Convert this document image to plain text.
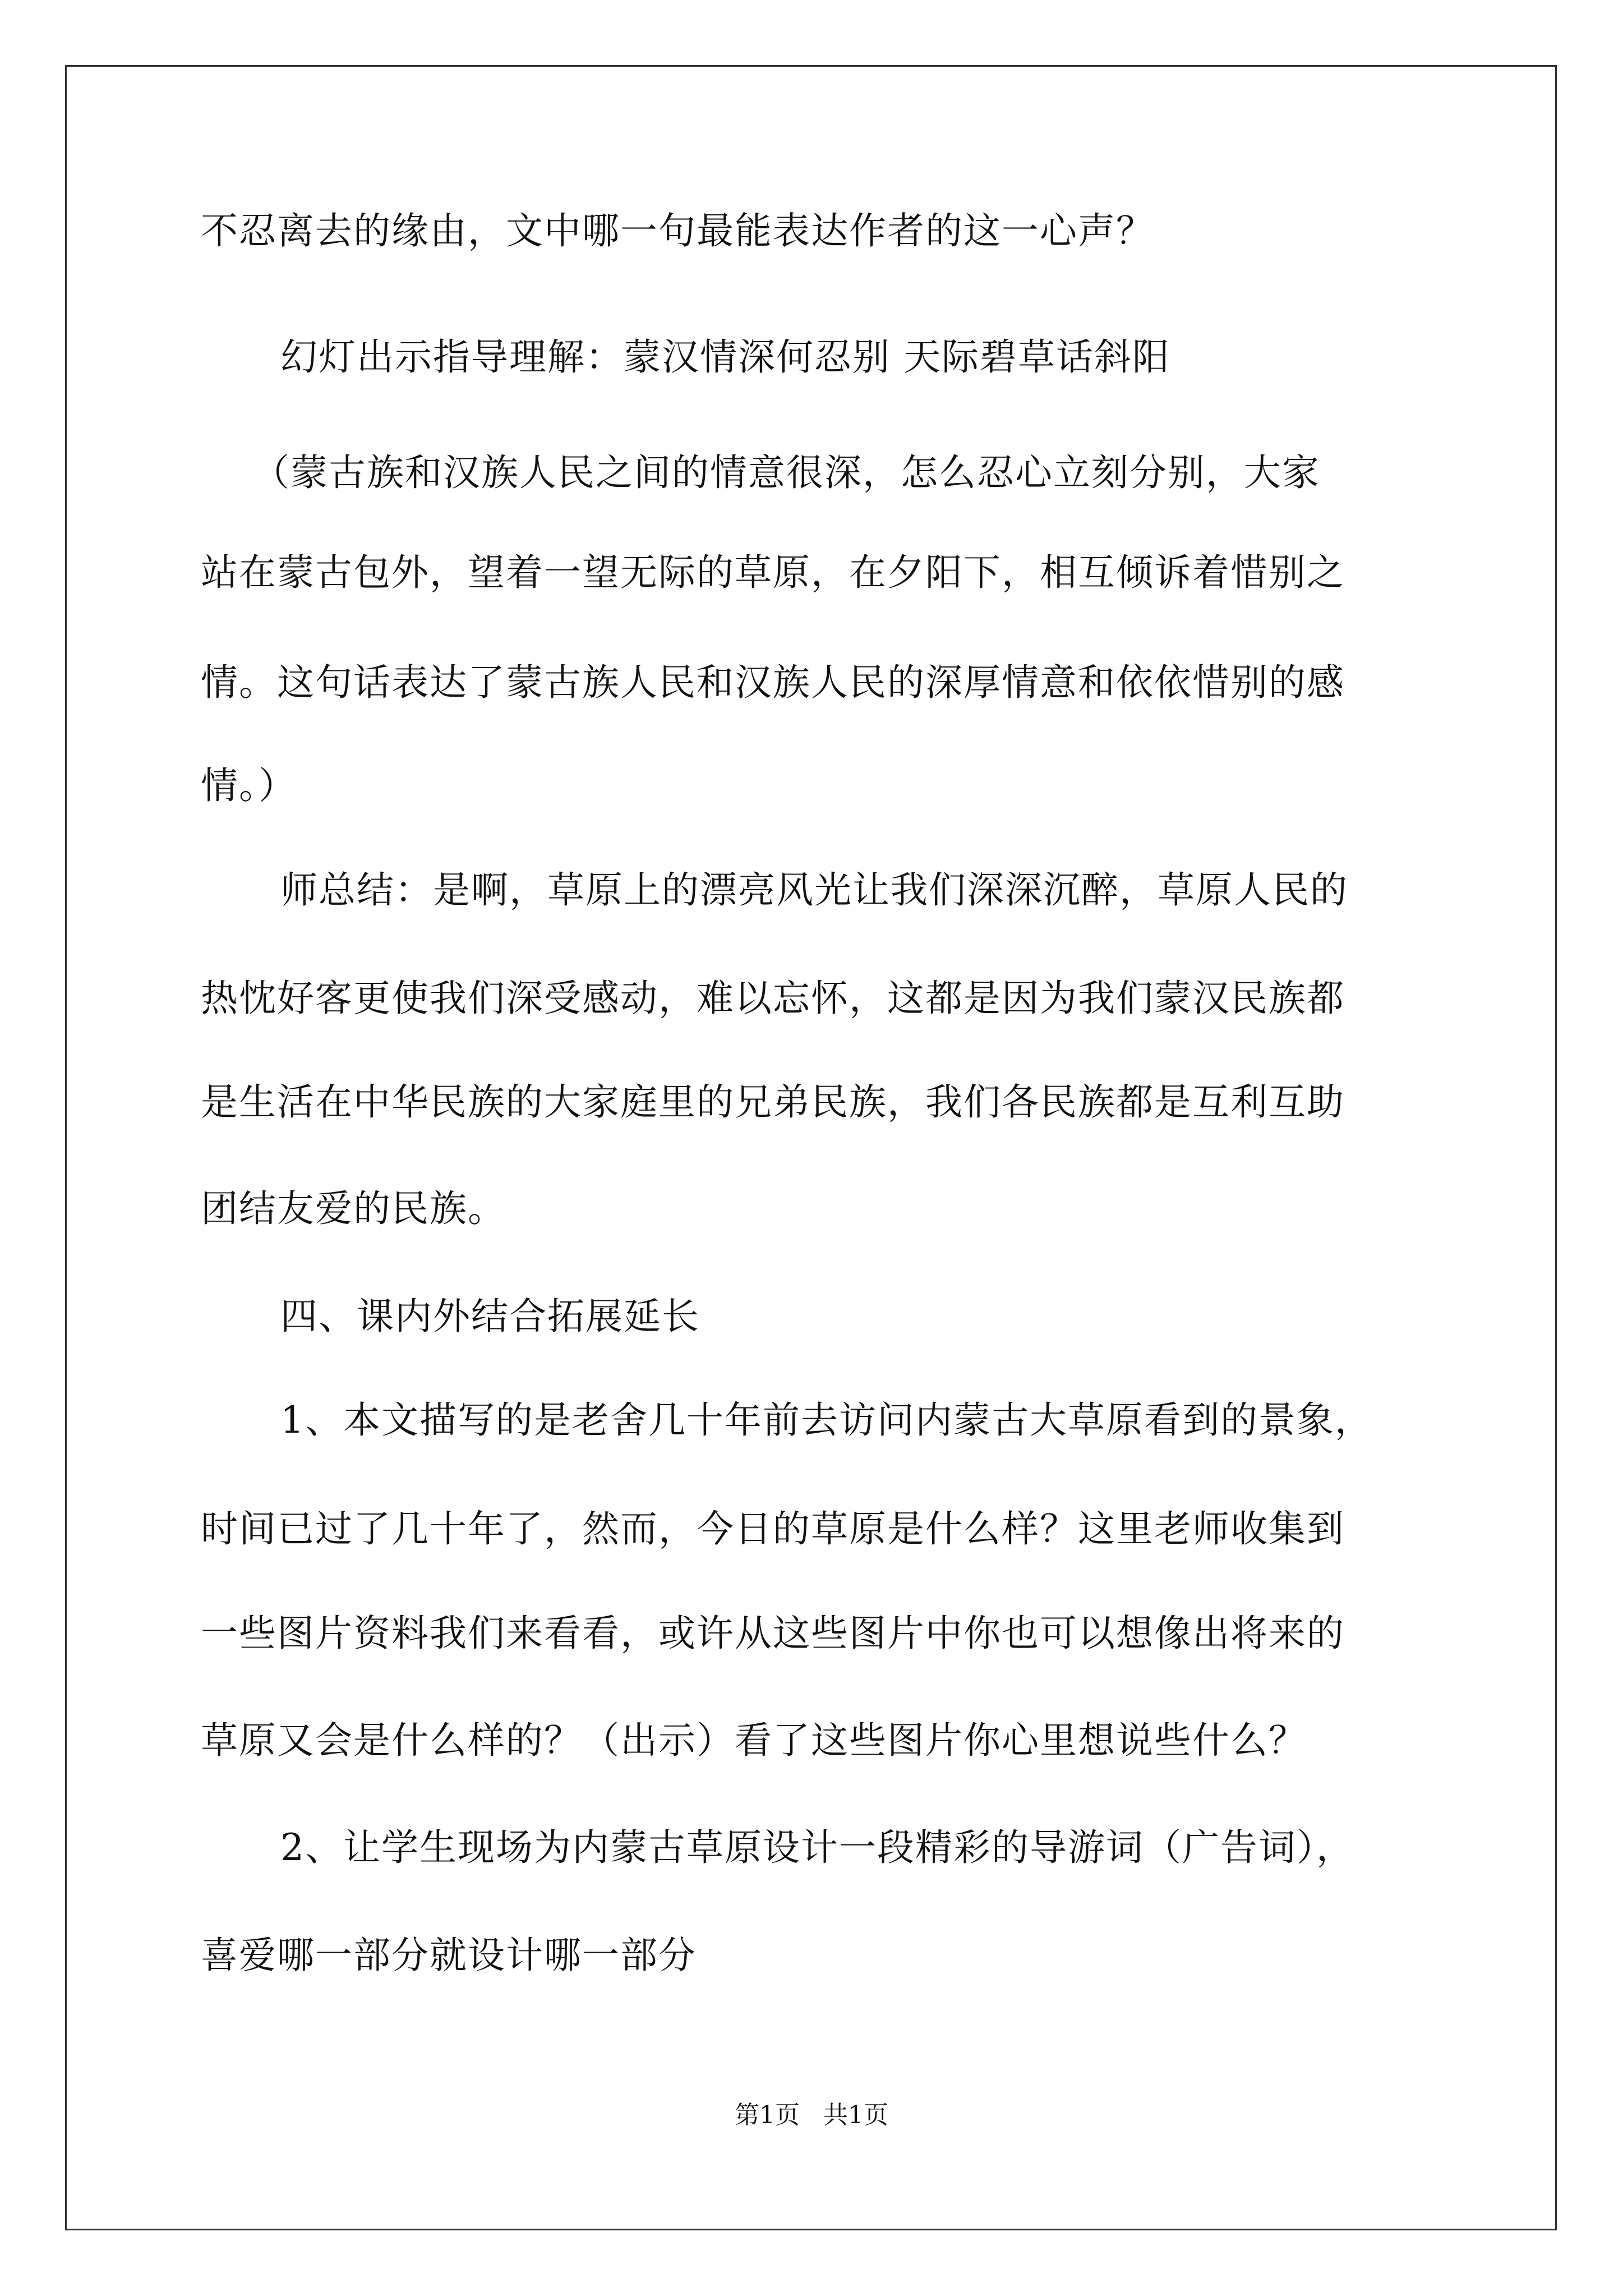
不忍离去的缘由，文中哪一句最能表达作者的这一心声？
幻灯出示指导理解：蒙汉情深何忍别 天际碧草话斜阳
（蒙古族和汉族人民之间的情意很深，怎么忍心立刻分别，大家
站在蒙古包外，望着一望无际的草原，在夕阳下，相互倾诉着惜别之
情。这句话表达了蒙古族人民和汉族人民的深厚情意和依依惜别的感
情。）
师总结：是啊，草原上的漂亮风光让我们深深沉醉，草原人民的
热忱好客更使我们深受感动，难以忘怀，这都是因为我们蒙汉民族都
是生活在中华民族的大家庭里的兄弟民族，我们各民族都是互利互助
团结友爱的民族。
四、课内外结合拓展延长
1、本文描写的是老舍几十年前去访问内蒙古大草原看到的景象，
时间已过了几十年了，然而，今日的草原是什么样？这里老师收集到
一些图片资料我们来看看，或许从这些图片中你也可以想像出将来的
草原又会是什么样的？（出示）看了这些图片你心里想说些什么？
2、让学生现场为内蒙古草原设计一段精彩的导游词（广告词），
喜爱哪一部分就设计哪一部分
第1页   共1页
